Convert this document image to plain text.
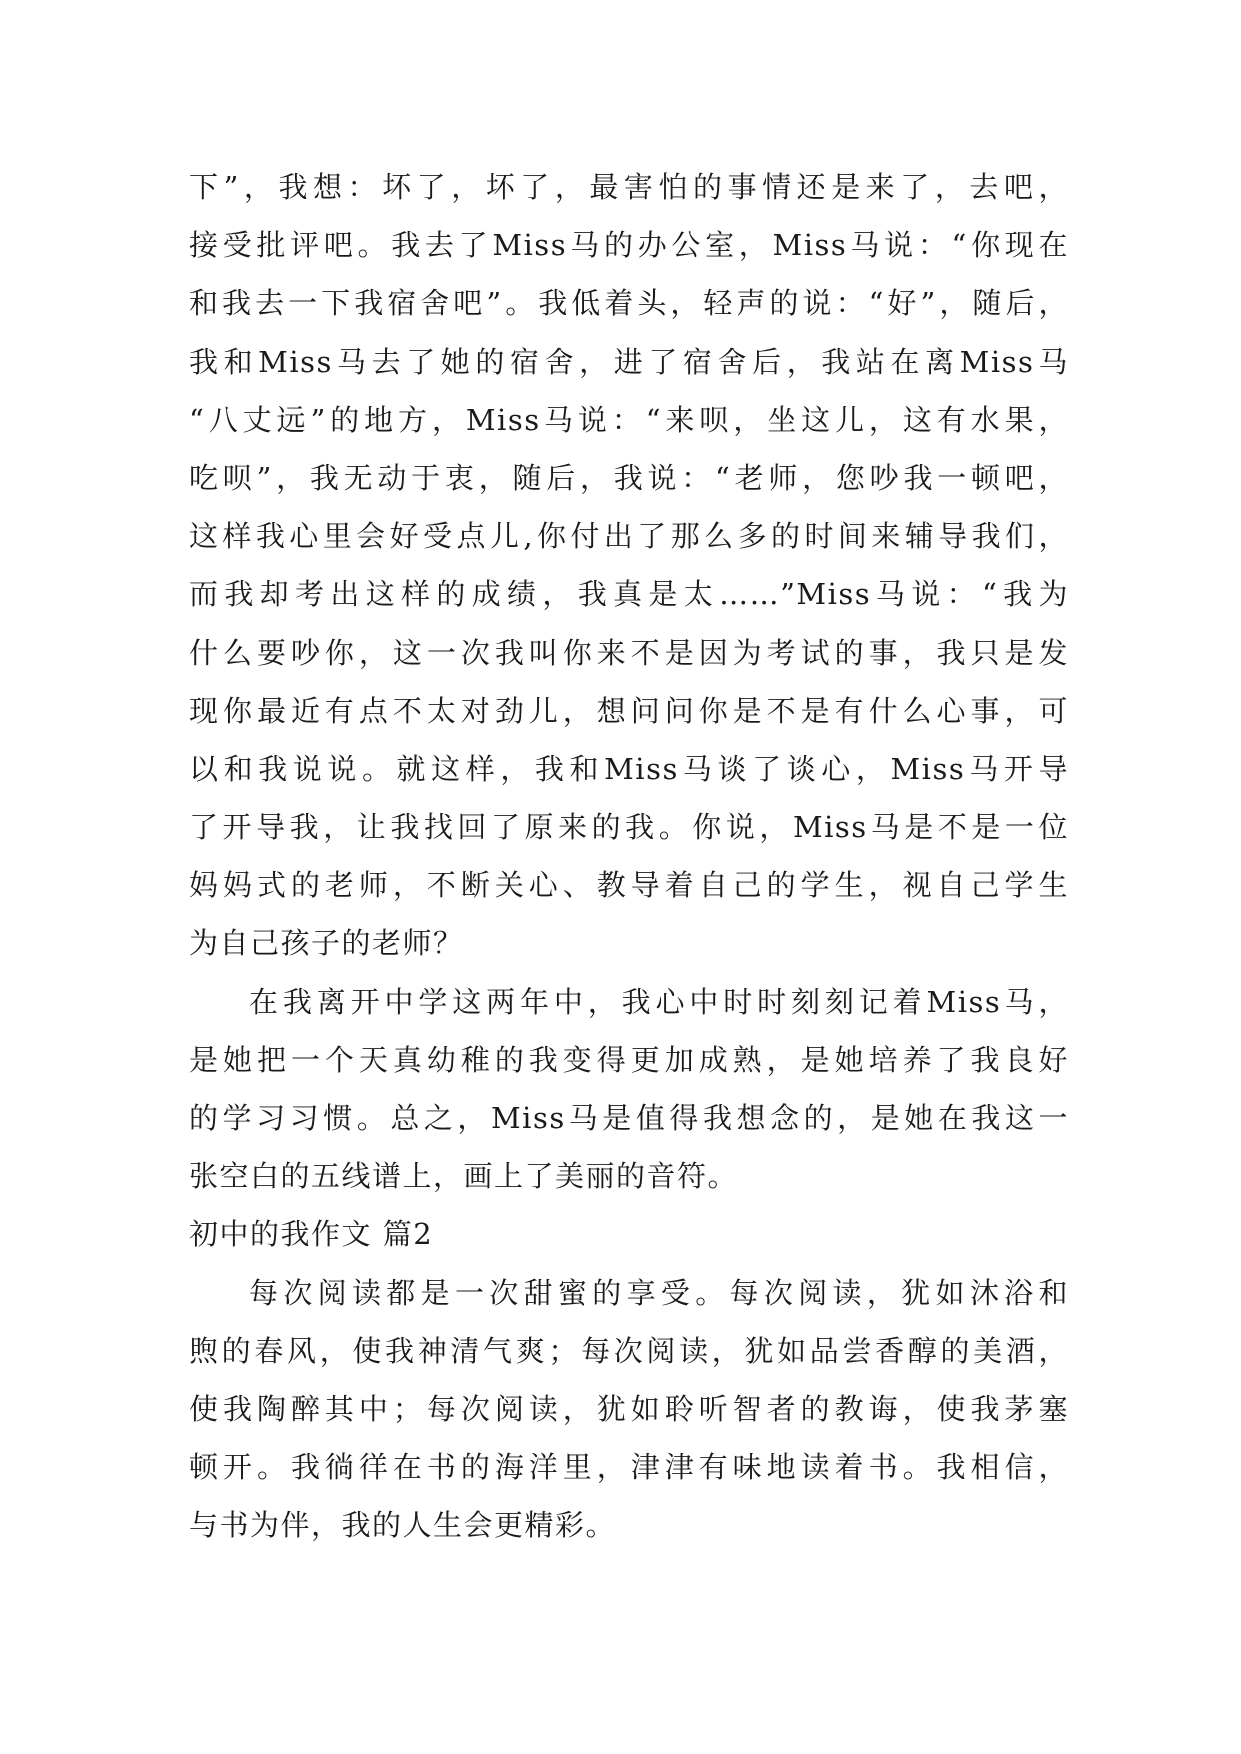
下”，我想：坏了，坏了，最害怕的事情还是来了，去吧，
接受批评吧。我去了Miss马的办公室，Miss马说：“你现在
和我去一下我宿舍吧”。我低着头，轻声的说：“好”，随后，
我和Miss马去了她的宿舍，进了宿舍后，我站在离Miss马
“八丈远”的地方，Miss马说：“来呗，坐这儿，这有水果，
吃呗”，我无动于衷，随后，我说：“老师，您吵我一顿吧，
这样我心里会好受点儿,你付出了那么多的时间来辅导我们，
而我却考出这样的成绩，我真是太……”Miss马说：“我为
什么要吵你，这一次我叫你来不是因为考试的事，我只是发
现你最近有点不太对劲儿，想问问你是不是有什么心事，可
以和我说说。就这样，我和Miss马谈了谈心，Miss马开导
了开导我，让我找回了原来的我。你说，Miss马是不是一位
妈妈式的老师，不断关心、教导着自己的学生，视自己学生
为自己孩子的老师？
在我离开中学这两年中，我心中时时刻刻记着Miss马，
是她把一个天真幼稚的我变得更加成熟，是她培养了我良好
的学习习惯。总之，Miss马是值得我想念的，是她在我这一
张空白的五线谱上，画上了美丽的音符。
初中的我作文 篇2
每次阅读都是一次甜蜜的享受。每次阅读，犹如沐浴和
煦的春风，使我神清气爽；每次阅读，犹如品尝香醇的美酒，
使我陶醉其中；每次阅读，犹如聆听智者的教诲，使我茅塞
顿开。我徜徉在书的海洋里，津津有味地读着书。我相信，
与书为伴，我的人生会更精彩。
